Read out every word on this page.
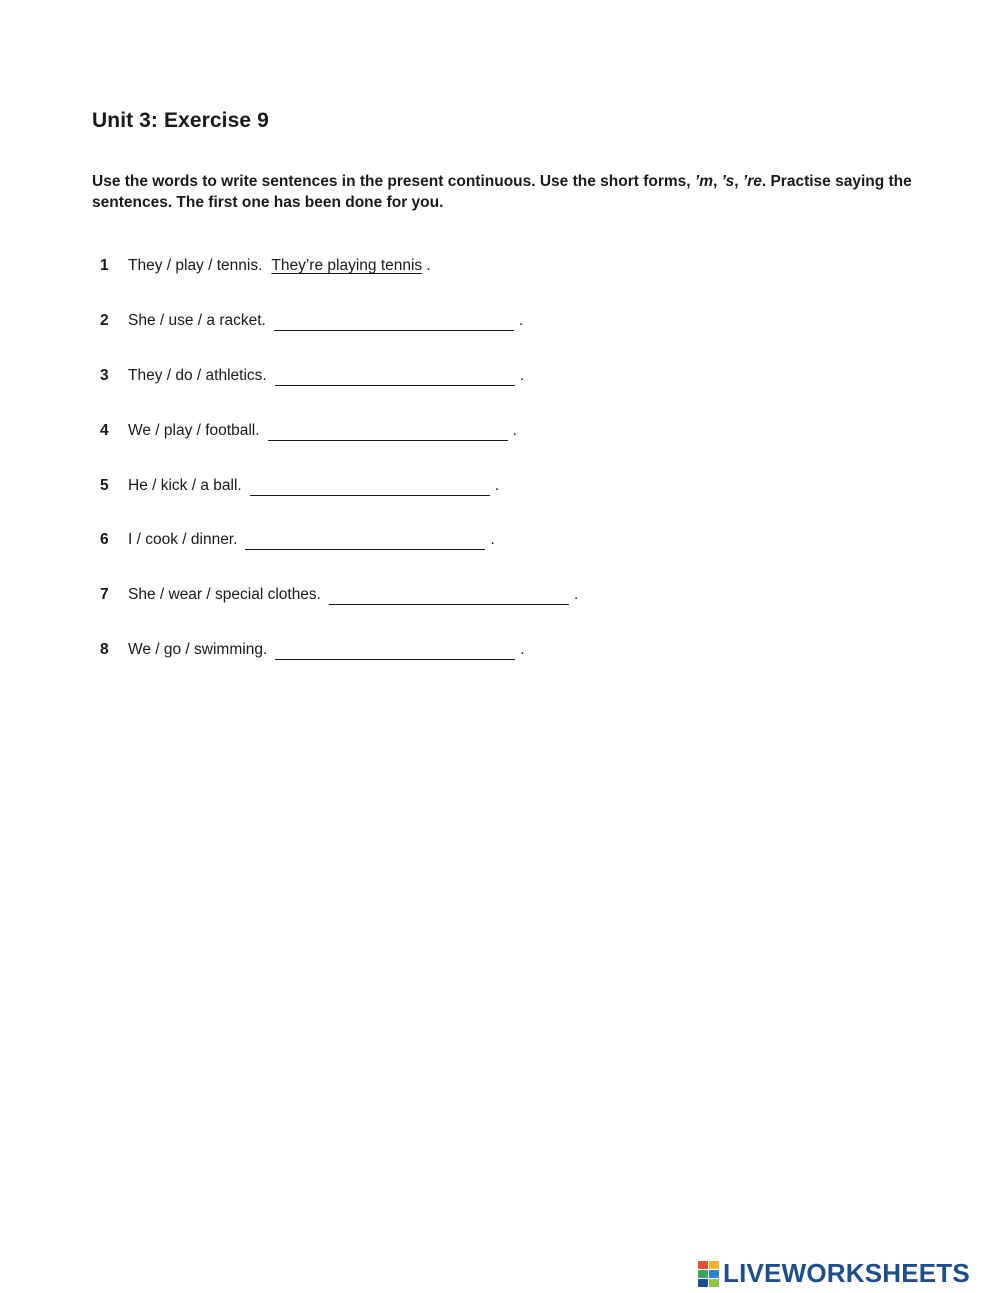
Unit 3: Exercise 9

Use the words to write sentences in the present continuous. Use the short forms, ’m, ’s, ’re. Practise saying the sentences. The first one has been done for you.

1 They / play / tennis. They’re playing tennis .
2 She / use / a racket.	.
3 They / do / athletics.	.
4 We / play / football.	.
5 He / kick / a ball.	.
6 I / cook / dinner.	.
7 She / wear / special clothes.	.
8 We / go / swimming.	.
LIVEWORKSHEETS
